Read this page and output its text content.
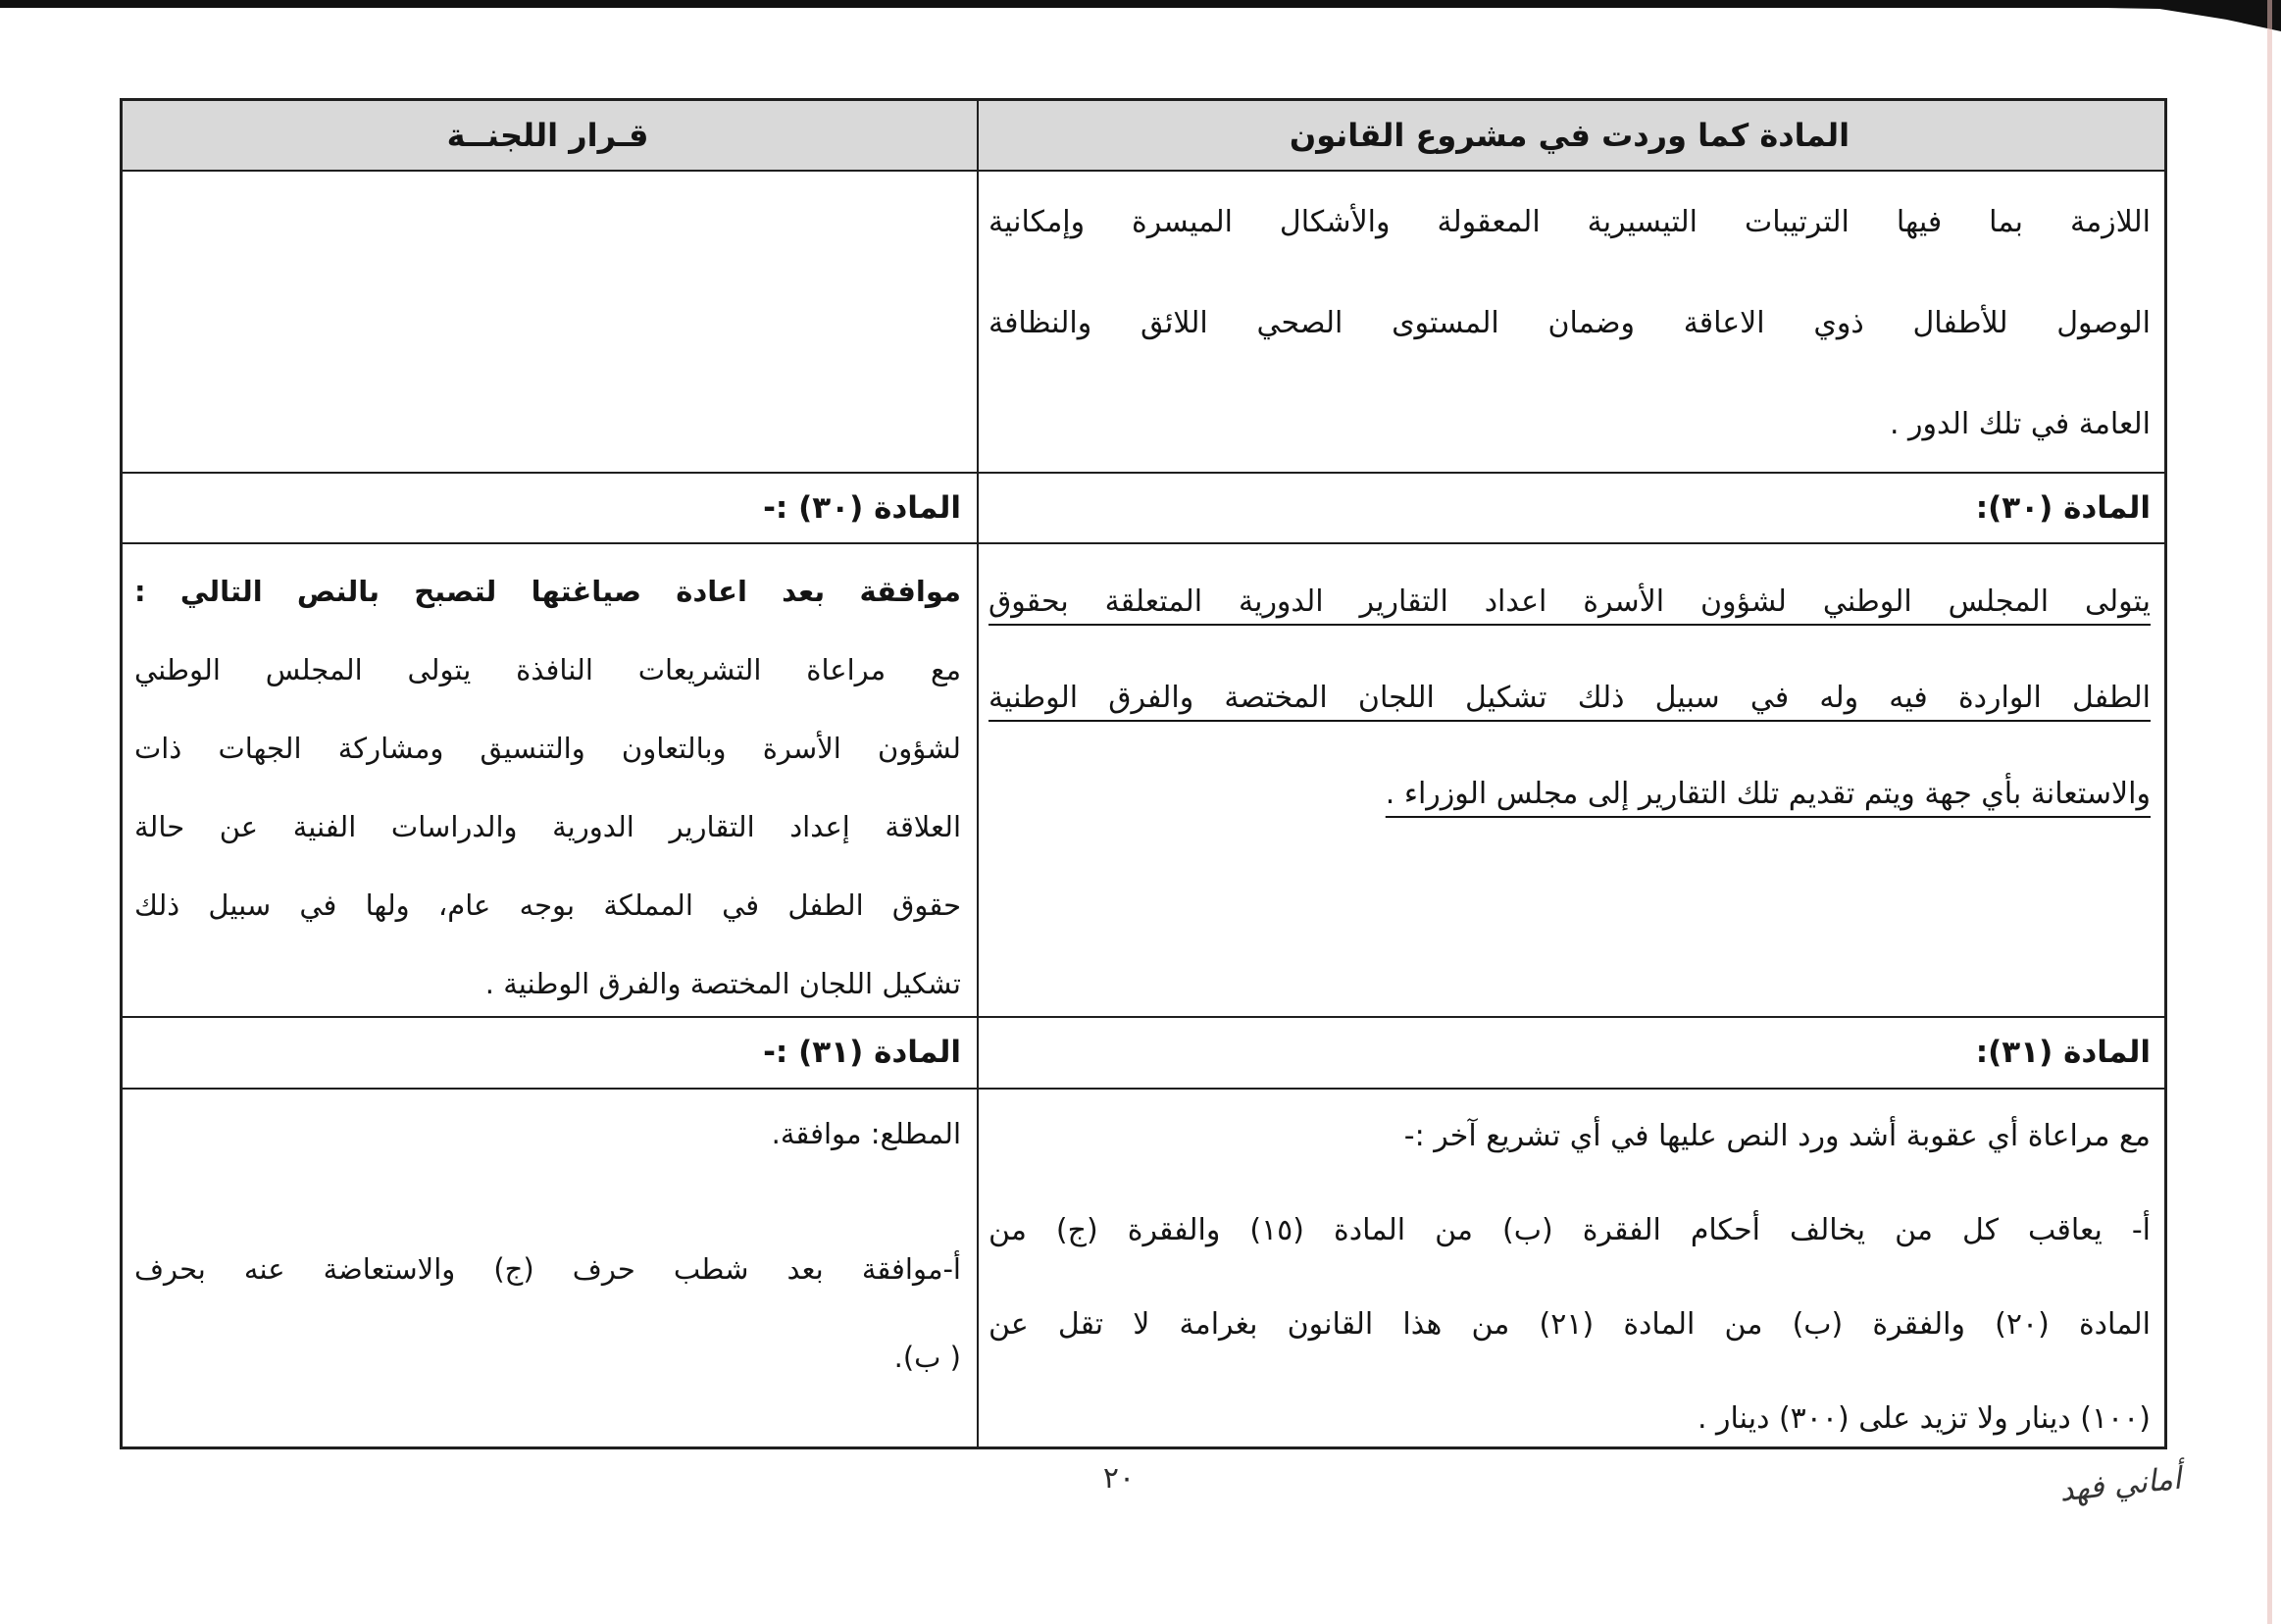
المادة كما وردت في مشروع القانون
قـرار اللجنــة
اللازمة بما فيها الترتيبات التيسيرية المعقولة والأشكال الميسرة وإمكانية
الوصول للأطفال ذوي الاعاقة وضمان المستوى الصحي اللائق والنظافة
العامة في تلك الدور .
المادة (٣٠):
المادة (٣٠) :-
يتولى المجلس الوطني لشؤون الأسرة اعداد التقارير الدورية المتعلقة بحقوق
الطفل الواردة فيه وله في سبيل ذلك تشكيل اللجان المختصة والفرق الوطنية
والاستعانة بأي جهة ويتم تقديم تلك التقارير إلى مجلس الوزراء .
موافقة بعد اعادة صياغتها لتصبح بالنص التالي :
مع مراعاة التشريعات النافذة يتولى المجلس الوطني
لشؤون الأسرة وبالتعاون والتنسيق ومشاركة الجهات ذات
العلاقة إعداد التقارير الدورية والدراسات الفنية عن حالة
حقوق الطفل في المملكة بوجه عام، ولها في سبيل ذلك
تشكيل اللجان المختصة والفرق الوطنية .
المادة (٣١):
المادة (٣١) :-
مع مراعاة أي عقوبة أشد ورد النص عليها في أي تشريع آخر :-
أ- يعاقب كل من يخالف أحكام الفقرة (ب) من المادة (١٥) والفقرة (ج) من
المادة (٢٠) والفقرة (ب) من المادة (٢١) من هذا القانون بغرامة لا تقل عن
(١٠٠) دينار ولا تزيد على (٣٠٠) دينار .
المطلع: موافقة.
أ-موافقة بعد شطب حرف (ج) والاستعاضة عنه بحرف
( ب).
٢٠	أماني فهد
